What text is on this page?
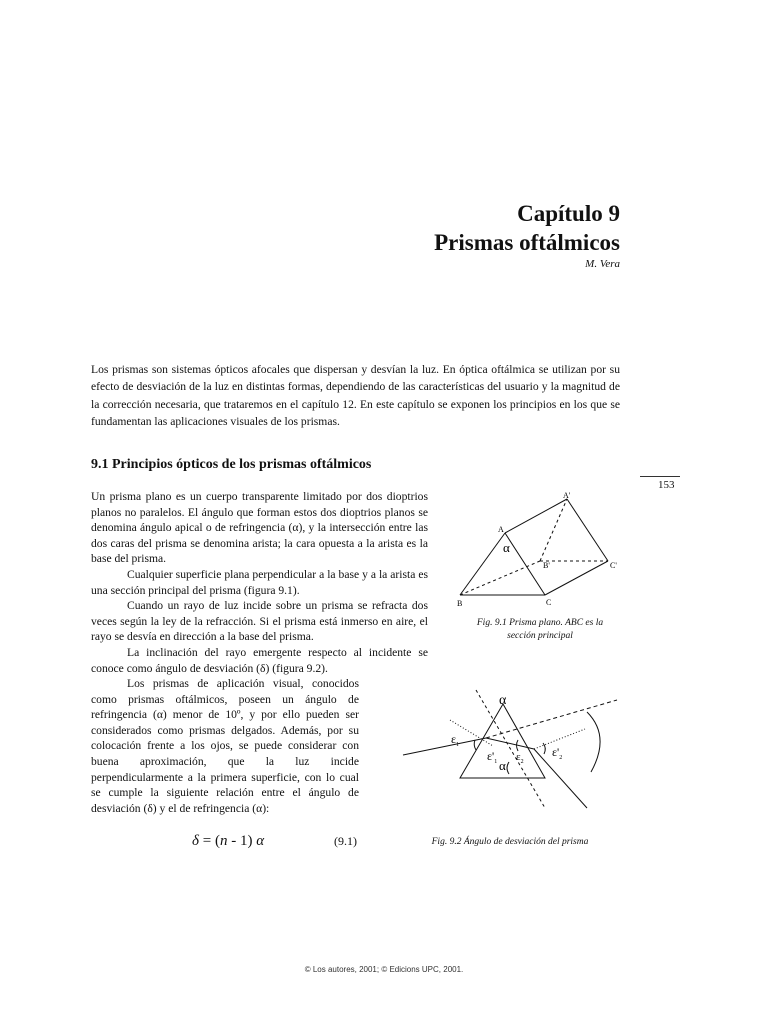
Capítulo 9
Prismas oftálmicos
M. Vera

Los prismas son sistemas ópticos afocales que dispersan y desvían la luz. En óptica oftálmica se utilizan por su efecto de desviación de la luz en distintas formas, dependiendo de las características del usuario y la magnitud de la corrección necesaria, que trataremos en el capítulo 12. En este capítulo se exponen los principios en los que se fundamentan las aplicaciones visuales de los prismas.

9.1 Principios ópticos de los prismas oftálmicos
153

Un prisma plano es un cuerpo transparente limitado por dos dioptrios planos no paralelos. El ángulo que forman estos dos dioptrios planos se denomina ángulo apical o de refringencia (α), y la intersección entre las dos caras del prisma se denomina arista; la cara opuesta a la arista es la base del prisma.

Cualquier superficie plana perpendicular a la base y a la arista es una sección principal del prisma (figura 9.1).

Cuando un rayo de luz incide sobre un prisma se refracta dos veces según la ley de la refracción. Si el prisma está inmerso en aire, el rayo se desvía en dirección a la base del prisma.

La inclinación del rayo emergente respecto al incidente se conoce como ángulo de desviación (δ) (figura 9.2).

Los prismas de aplicación visual, conocidos como prismas oftálmicos, poseen un ángulo de refringencia (α) menor de 10º, y por ello pueden ser considerados como prismas delgados. Además, por su colocación frente a los ojos, se puede considerar con buena aproximación, que la luz incide perpendicularmente a la primera superficie, con lo cual se cumple la siguiente relación entre el ángulo de desviación (δ) y el de refringencia (α):

δ = (n - 1) α	(9.1)
A
A'
B
B'
C
C'
α
Fig. 9.1 Prisma plano. ABC es la
sección principal
α
$\varepsilon_1$
$\varepsilon'_1$ $\varepsilon_2$
$\varepsilon'_2$
α
Fig. 9.2 Ángulo de desviación del prisma
© Los autores, 2001; © Edicions UPC, 2001.
